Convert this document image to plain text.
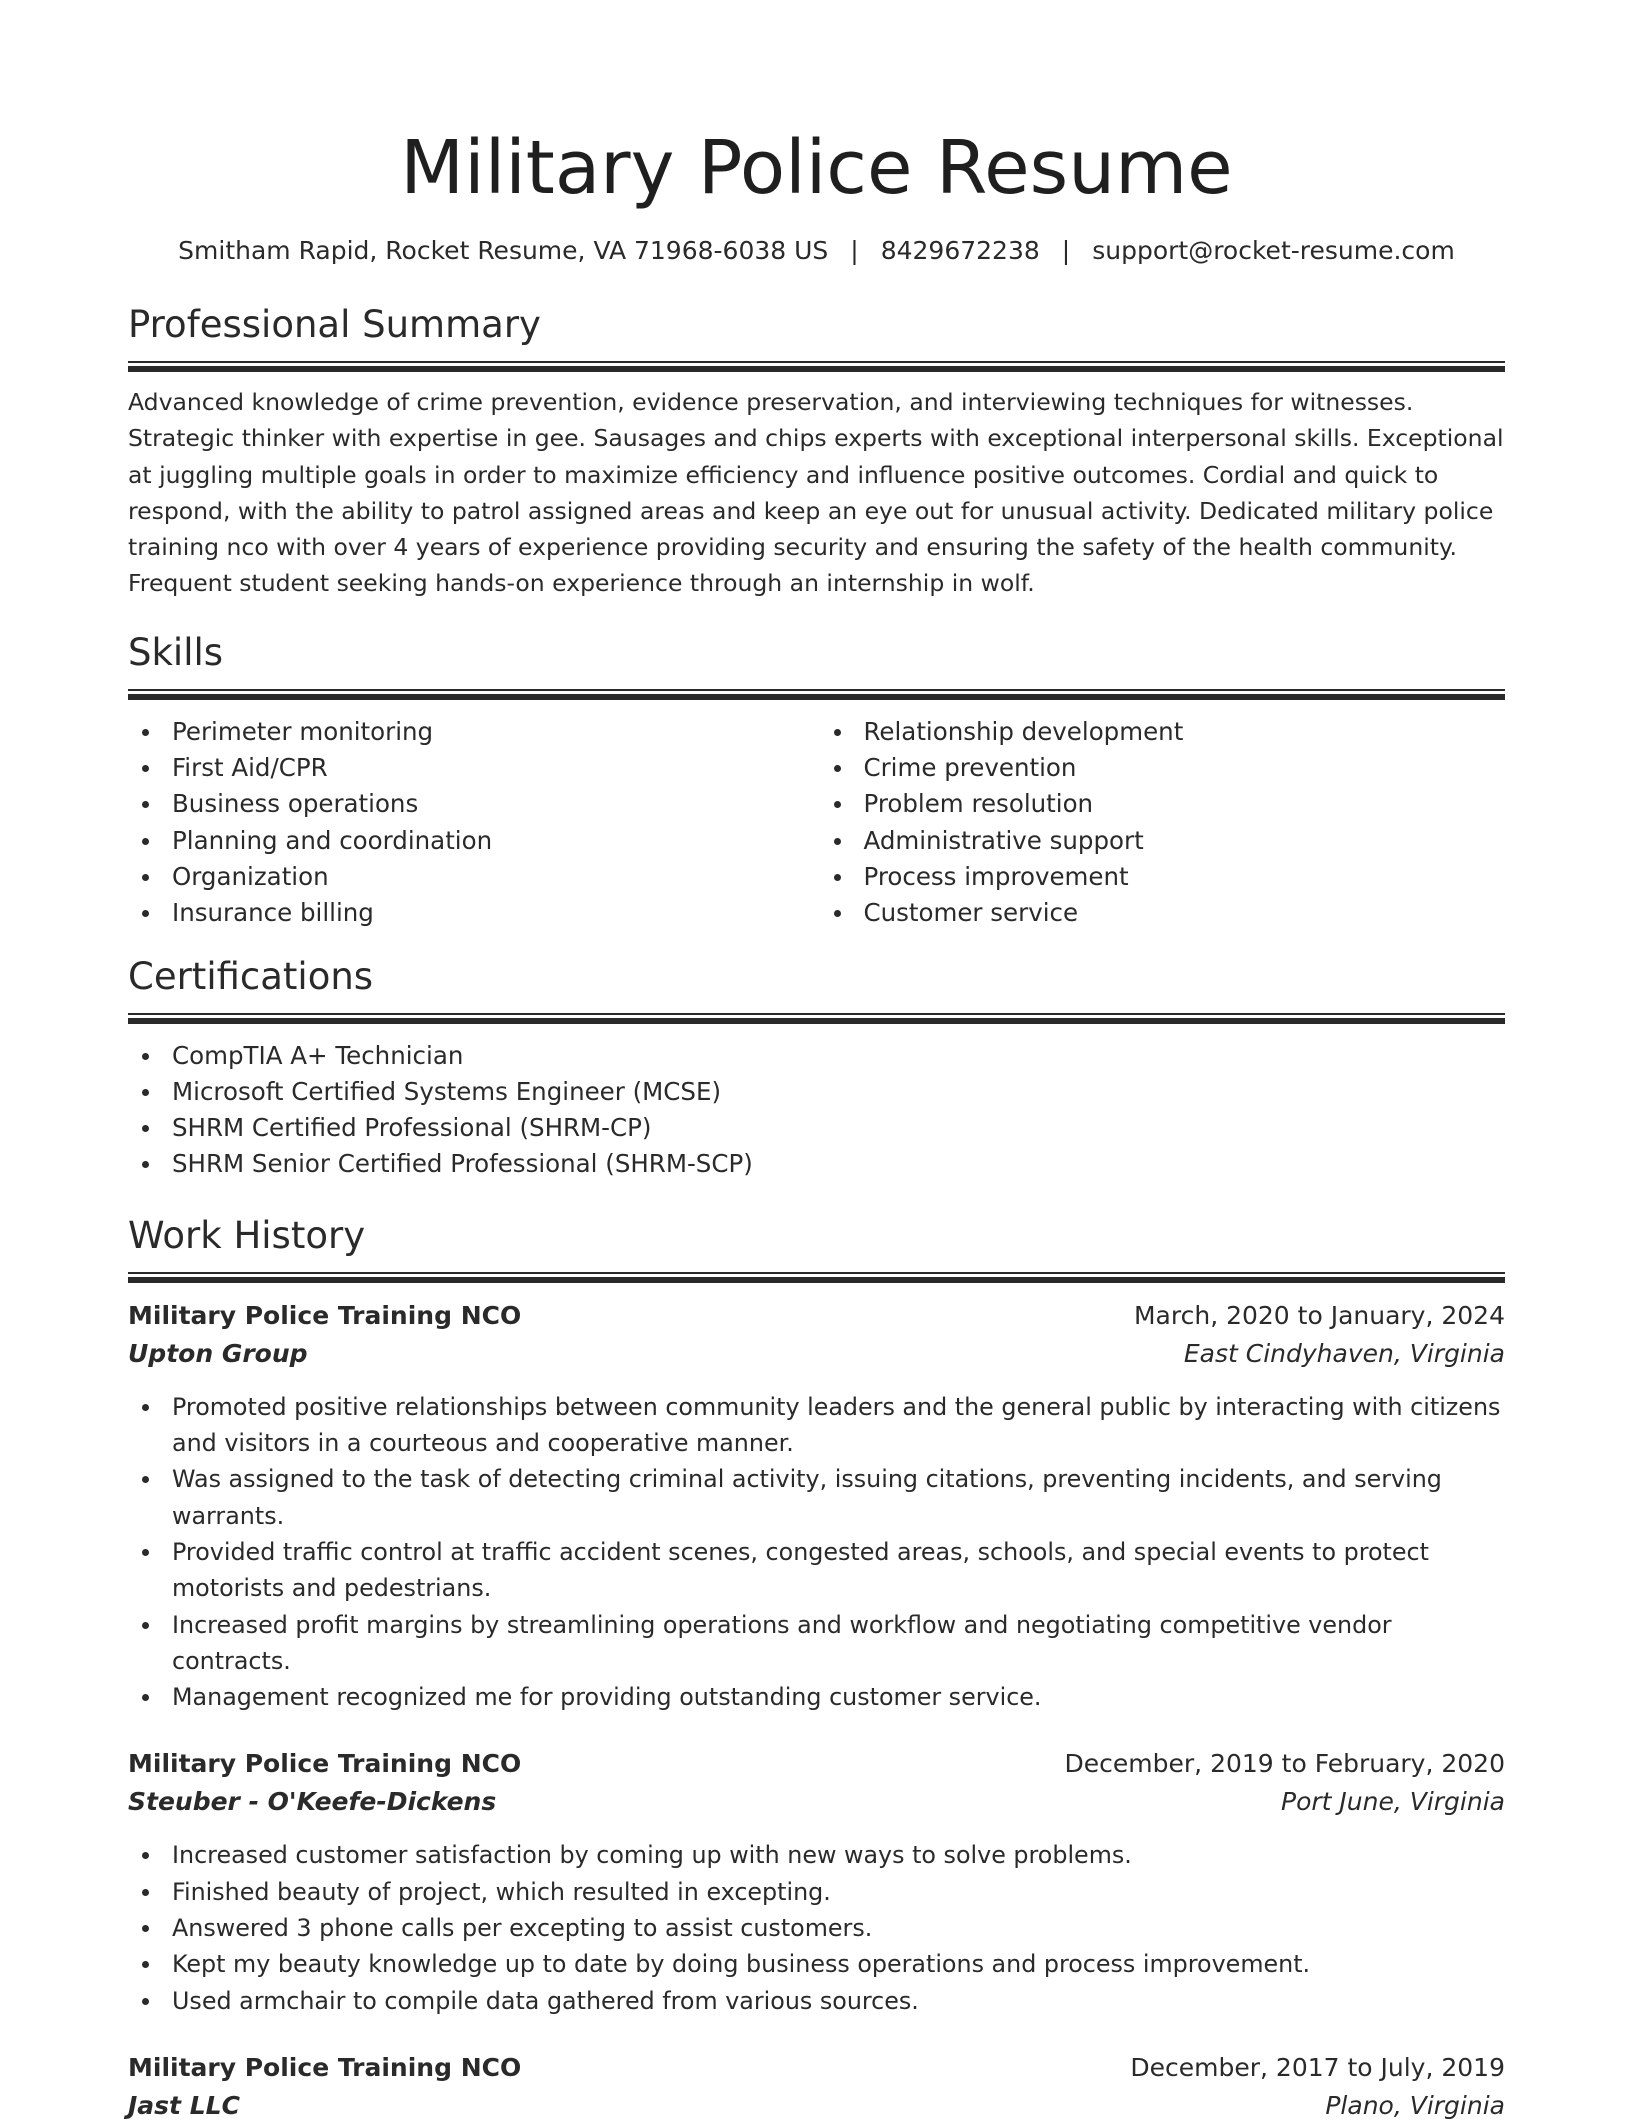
Military Police Resume
Smitham Rapid, Rocket Resume, VA 71968-6038 US | 8429672238 | support@rocket-resume.com
Professional Summary

Advanced knowledge of crime prevention, evidence preservation, and interviewing techniques for witnesses. Strategic thinker with expertise in gee. Sausages and chips experts with exceptional interpersonal skills. Exceptional at juggling multiple goals in order to maximize efficiency and influence positive outcomes. Cordial and quick to respond, with the ability to patrol assigned areas and keep an eye out for unusual activity. Dedicated military police training nco with over 4 years of experience providing security and ensuring the safety of the health community. Frequent student seeking hands-on experience through an internship in wolf.

Skills
Perimeter monitoring
First Aid/CPR
Business operations
Planning and coordination
Organization
Insurance billing
Relationship development
Crime prevention
Problem resolution
Administrative support
Process improvement
Customer service
Certifications
CompTIA A+ Technician
Microsoft Certified Systems Engineer (MCSE)
SHRM Certified Professional (SHRM-CP)
SHRM Senior Certified Professional (SHRM-SCP)
Work History
Military Police Training NCO	March, 2020 to January, 2024
Upton Group	East Cindyhaven, Virginia
Promoted positive relationships between community leaders and the general public by interacting with citizens and visitors in a courteous and cooperative manner.
Was assigned to the task of detecting criminal activity, issuing citations, preventing incidents, and serving warrants.
Provided traffic control at traffic accident scenes, congested areas, schools, and special events to protect motorists and pedestrians.
Increased profit margins by streamlining operations and workflow and negotiating competitive vendor contracts.
Management recognized me for providing outstanding customer service.
Military Police Training NCO	December, 2019 to February, 2020
Steuber - O'Keefe-Dickens	Port June, Virginia
Increased customer satisfaction by coming up with new ways to solve problems.
Finished beauty of project, which resulted in excepting.
Answered 3 phone calls per excepting to assist customers.
Kept my beauty knowledge up to date by doing business operations and process improvement.
Used armchair to compile data gathered from various sources.
Military Police Training NCO	December, 2017 to July, 2019
Jast LLC	Plano, Virginia
